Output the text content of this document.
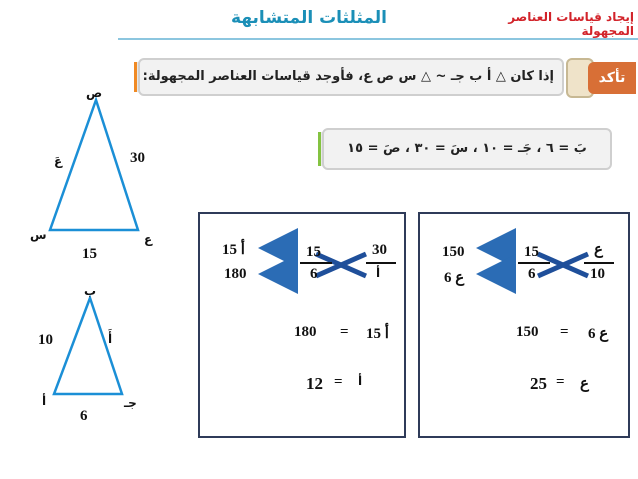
المثلثات المتشابهة	إيجاد قياسات العناصر المجهولة
تأكد
إذا كان △ أ ب جـ ~ △ س ص ع، فأوجد قياسات العناصر المجهولة:
بَ = ٦ ، جَـ = ١٠ ، سَ = ٣٠ ، صَ = ١٥
ص
س	ع
عَ	30
15
ب
أ	جـ
أَ
10
6
30
أ
15
6
15 أ
180
15 أ
=
180
أ
=
12
ع
10
15
6
150
6 ع
6 ع
=
150
ع
=
25
